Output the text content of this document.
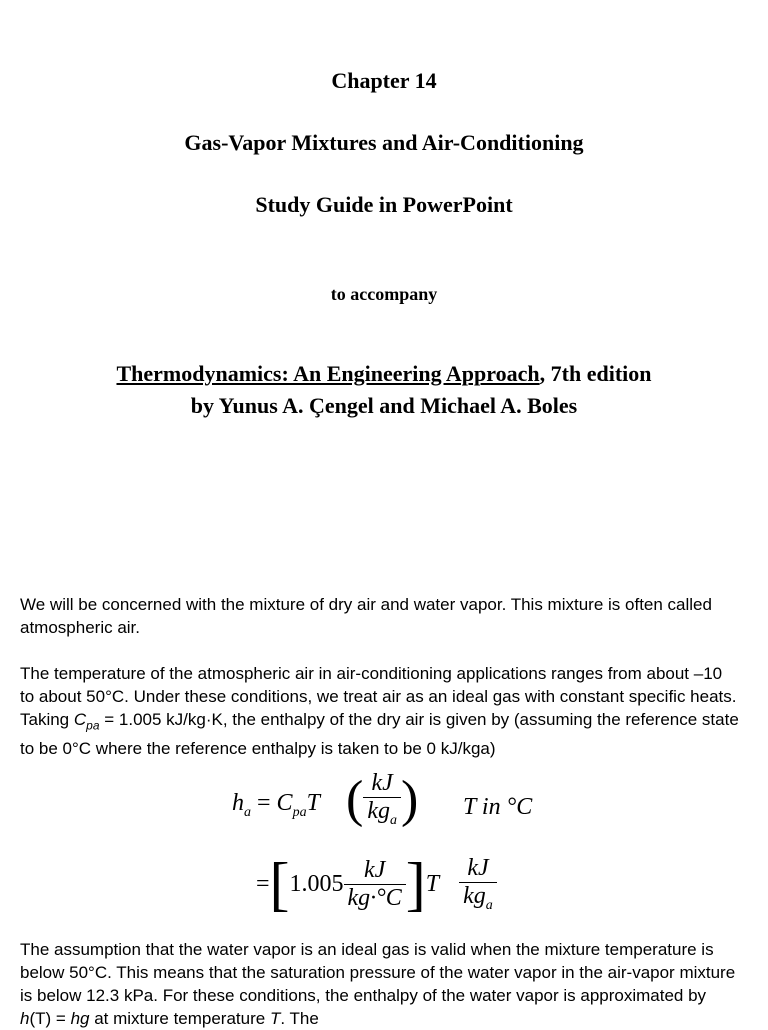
Chapter 14

Gas-Vapor Mixtures and Air-Conditioning

Study Guide in PowerPoint

to accompany

Thermodynamics: An Engineering Approach, 7th edition

by Yunus A. Çengel and Michael A. Boles

We will be concerned with the mixture of dry air and water vapor. This mixture is often called atmospheric air.

The temperature of the atmospheric air in air-conditioning applications ranges from about –10 to about 50°C. Under these conditions, we treat air as an ideal gas with constant specific heats. Taking $C_{pa} = 1.005$ kJ/kg·K, the enthalpy of the dry air is given by (assuming the reference state to be 0°C where the reference enthalpy is taken to be 0 kJ/kga)

$h_a = C_{pa}T$ ( $\frac{kJ}{kg_a}$ ) T in °C
$=[1.005 \frac{kJ}{kg\cdot^\circ C} ]T \frac{kJ}{kg_a}$

The assumption that the water vapor is an ideal gas is valid when the mixture temperature is below 50°C. This means that the saturation pressure of the water vapor in the air-vapor mixture is below 12.3 kPa. For these conditions, the enthalpy of the water vapor is approximated by h(T) = hg at mixture temperature T. The
